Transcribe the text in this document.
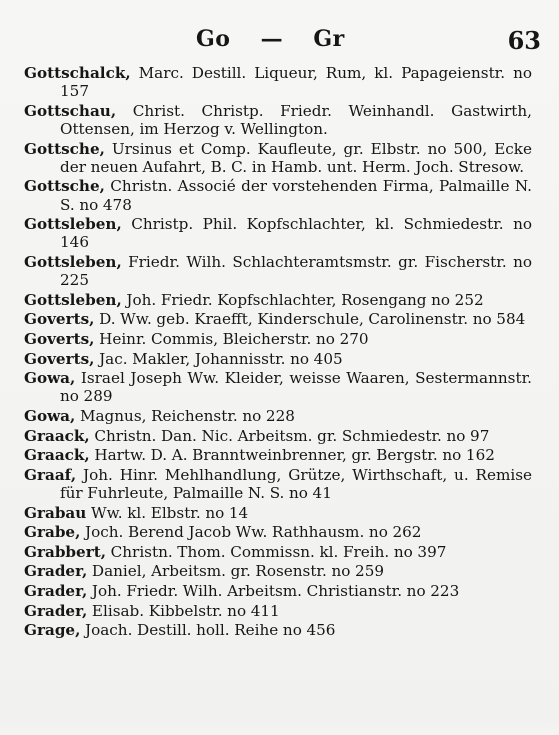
Go — Gr	63
Gottschalck, Marc. Destill. Liqueur, Rum, kl. Papageienstr. no 157
Gottschau, Christ. Christp. Friedr. Weinhandl. Gastwirth, Ottensen, im Herzog v. Wellington.
Gottsche, Ursinus et Comp. Kaufleute, gr. Elbstr. no 500, Ecke der neuen Aufahrt, B. C. in Hamb. unt. Herm. Joch. Stresow.
Gottsche, Christn. Associé der vorstehenden Firma, Palmaille N. S. no 478
Gottsleben, Christp. Phil. Kopfschlachter, kl. Schmiedestr. no 146
Gottsleben, Friedr. Wilh. Schlachteramtsmstr. gr. Fischerstr. no 225
Gottsleben, Joh. Friedr. Kopfschlachter, Rosengang no 252
Goverts, D. Ww. geb. Kraefft, Kinderschule, Carolinenstr. no 584
Goverts, Heinr. Commis, Bleicherstr. no 270
Goverts, Jac. Makler, Johannisstr. no 405
Gowa, Israel Joseph Ww. Kleider, weisse Waaren, Sestermannstr. no 289
Gowa, Magnus, Reichenstr. no 228
Graack, Christn. Dan. Nic. Arbeitsm. gr. Schmiedestr. no 97
Graack, Hartw. D. A. Branntweinbrenner, gr. Bergstr. no 162
Graaf, Joh. Hinr. Mehlhandlung, Grütze, Wirthschaft, u. Remise für Fuhrleute, Palmaille N. S. no 41
Grabau Ww. kl. Elbstr. no 14
Grabe, Joch. Berend Jacob Ww. Rathhausm. no 262
Grabbert, Christn. Thom. Commissn. kl. Freih. no 397
Grader, Daniel, Arbeitsm. gr. Rosenstr. no 259
Grader, Joh. Friedr. Wilh. Arbeitsm. Christianstr. no 223
Grader, Elisab. Kibbelstr. no 411
Grage, Joach. Destill. holl. Reihe no 456
